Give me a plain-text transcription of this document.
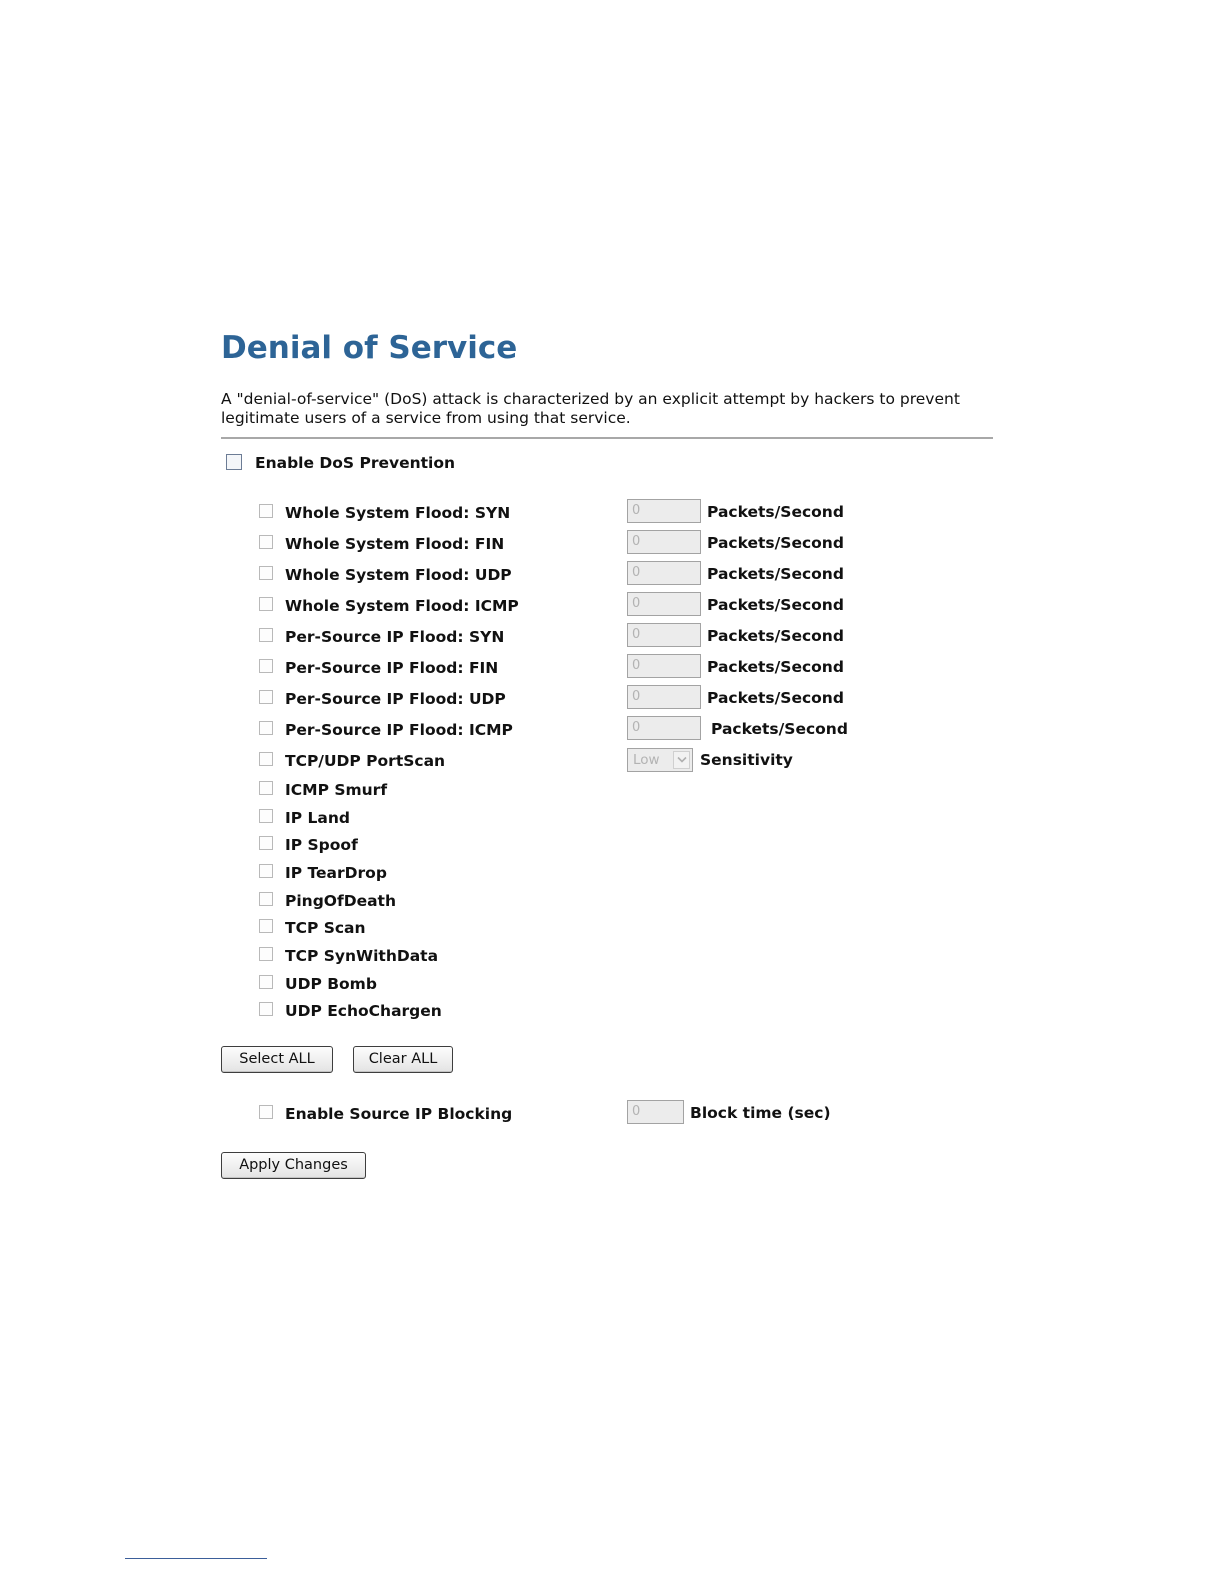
Denial of Service

A "denial-of-service" (DoS) attack is characterized by an explicit attempt by hackers to prevent legitimate users of a service from using that service.

Enable DoS Prevention
Whole System Flood: SYN	0	Packets/Second
Whole System Flood: FIN	0	Packets/Second
Whole System Flood: UDP	0	Packets/Second
Whole System Flood: ICMP	0	Packets/Second
Per-Source IP Flood: SYN	0	Packets/Second
Per-Source IP Flood: FIN	0	Packets/Second
Per-Source IP Flood: UDP	0	Packets/Second
Per-Source IP Flood: ICMP	0	Packets/Second
TCP/UDP PortScan	Low	Sensitivity
ICMP Smurf
IP Land
IP Spoof
IP TearDrop
PingOfDeath
TCP Scan
TCP SynWithData
UDP Bomb
UDP EchoChargen
Select ALL	Clear ALL
Enable Source IP Blocking	0	Block time (sec)
Apply Changes
